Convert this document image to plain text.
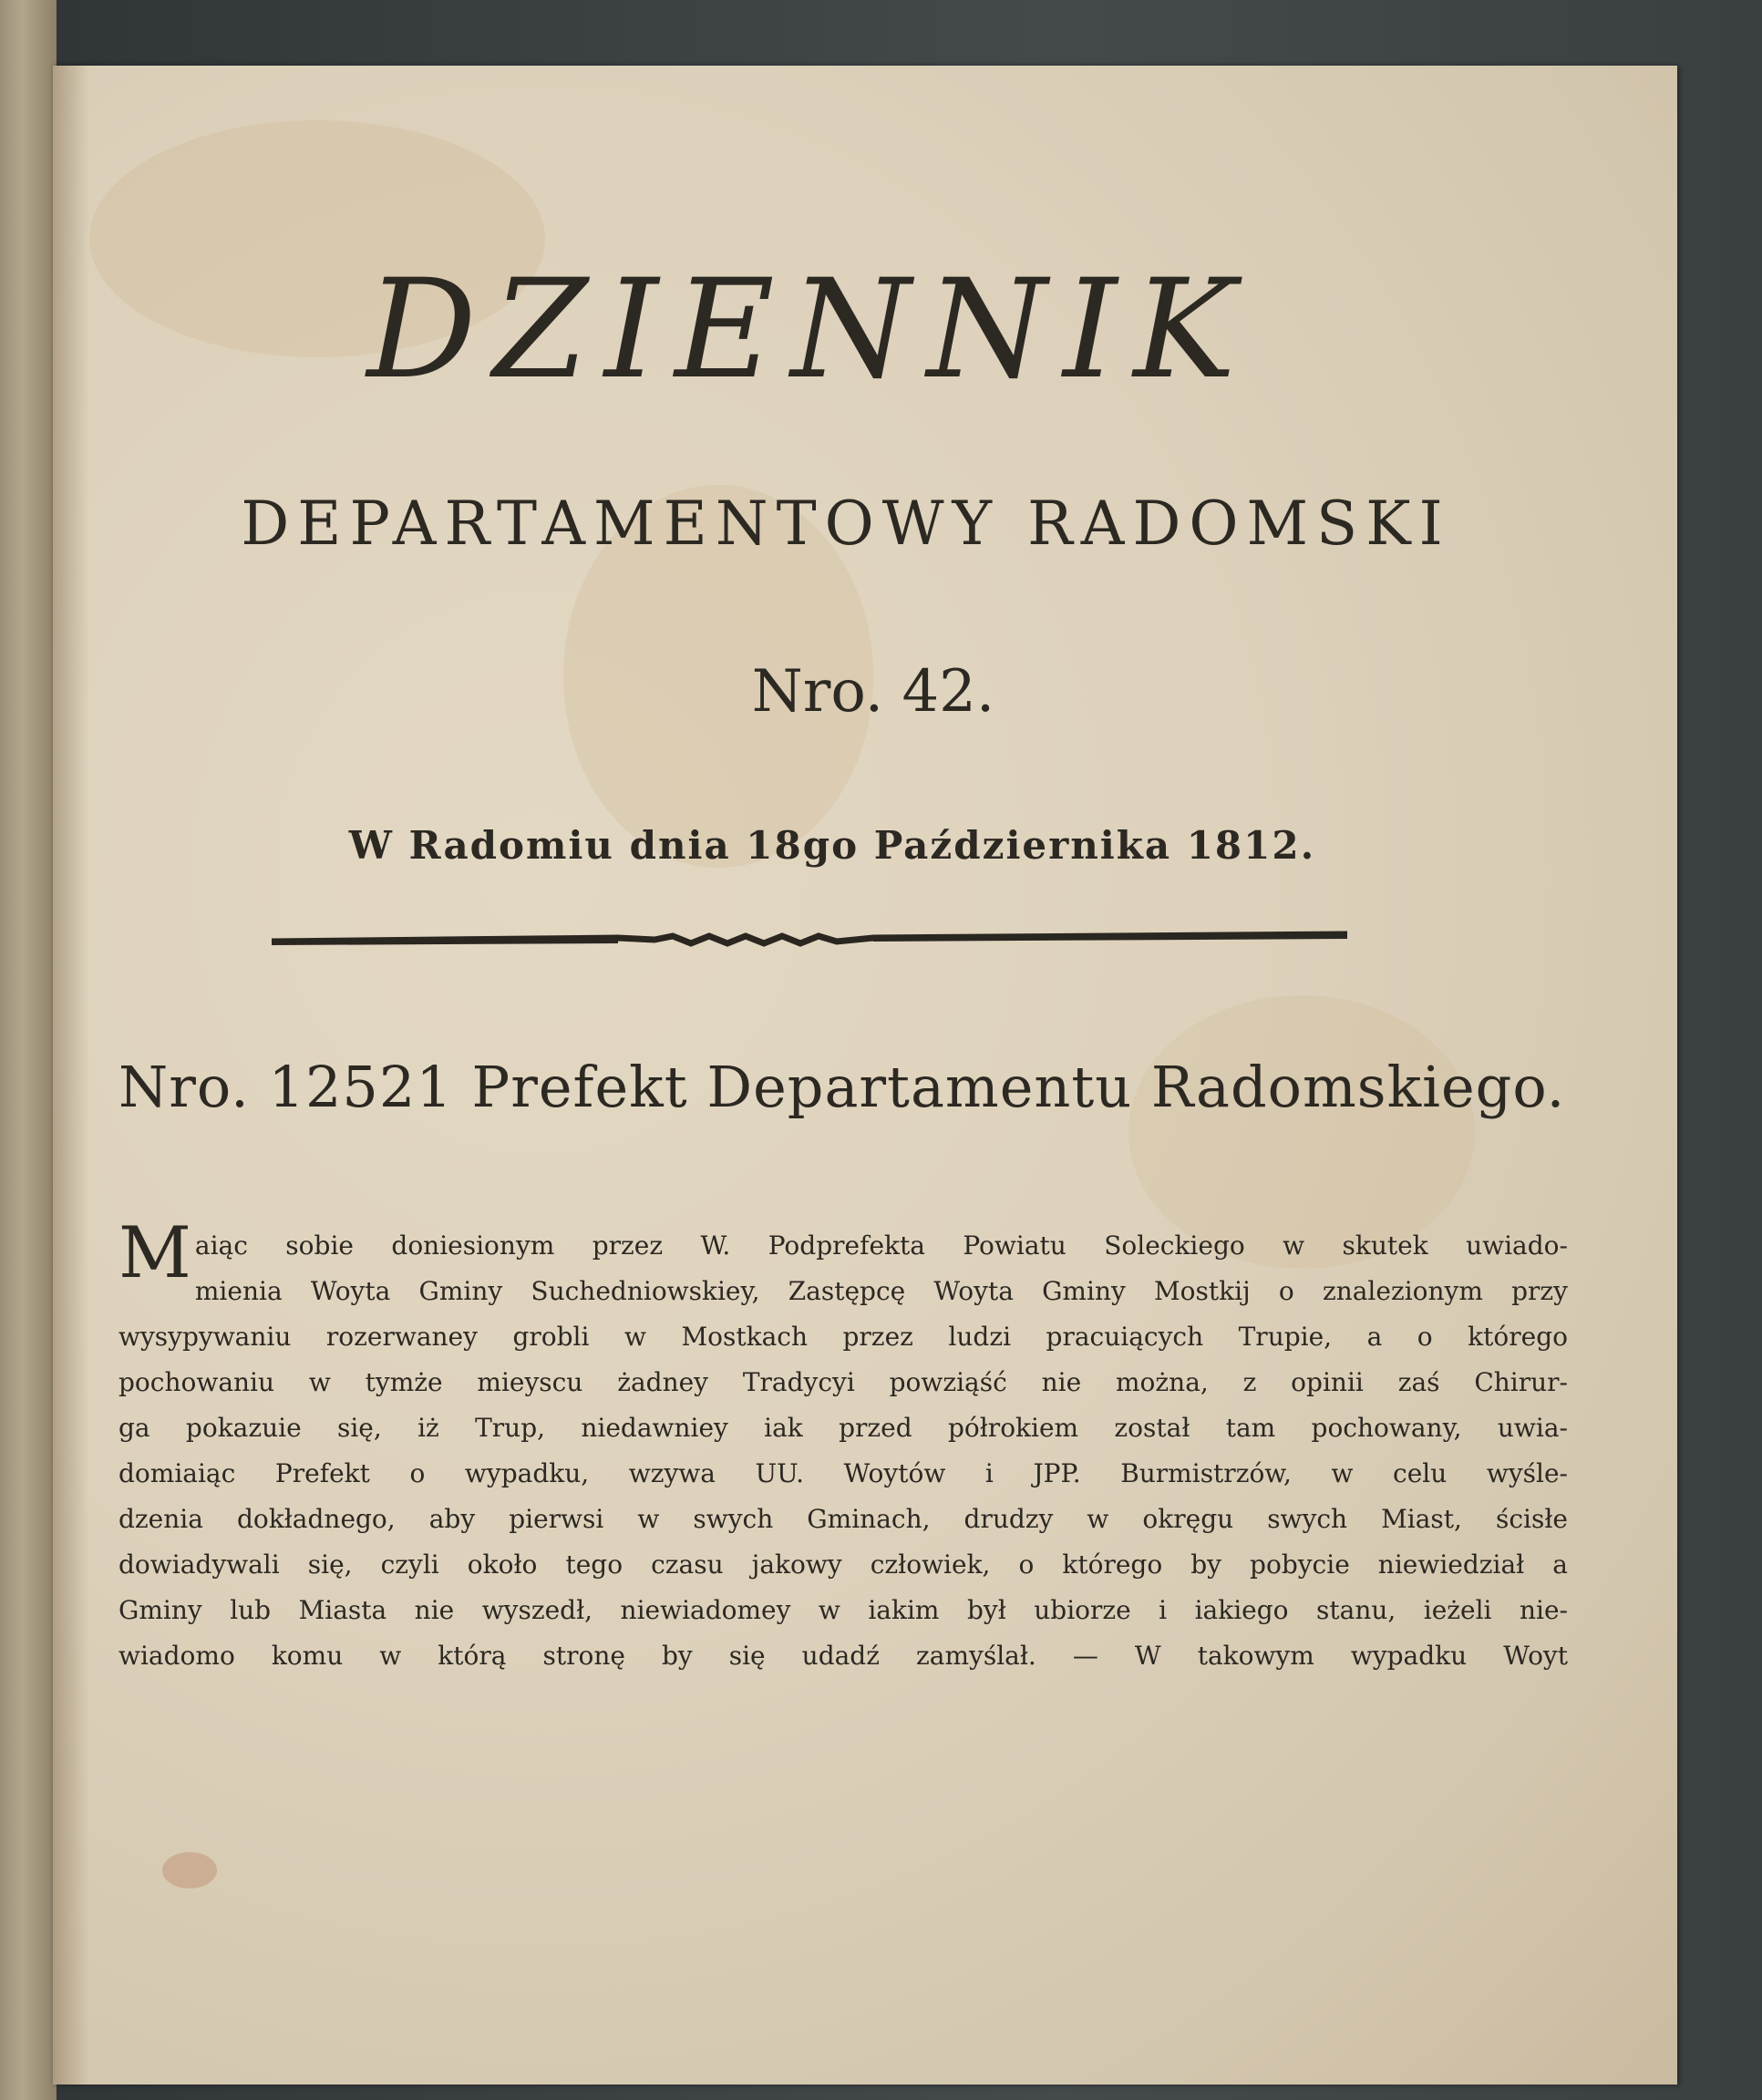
DZIENNIK
DEPARTAMENTOWY RADOMSKI
Nro. 42.
W Radomiu dnia 18go Października 1812.
Nro. 12521 Prefekt Departamentu Radomskiego.
M aiąc sobie doniesionym przez W. Podprefekta Powiatu Soleckiego w skutek uwiado-
mienia Woyta Gminy Suchedniowskiey, Zastępcę Woyta Gminy Mostkij o znalezionym przy
wysypywaniu rozerwaney grobli w Mostkach przez ludzi pracuiących Trupie, a o którego
pochowaniu w tymże mieyscu żadney Tradycyi powziąść nie można, z opinii zaś Chirur-
ga pokazuie się, iż Trup, niedawniey iak przed półrokiem został tam pochowany, uwia-
domiaiąc Prefekt o wypadku, wzywa UU. Woytów i JPP. Burmistrzów, w celu wyśle-
dzenia dokładnego, aby pierwsi w swych Gminach, drudzy w okręgu swych Miast, ścisłe
dowiadywali się, czyli około tego czasu jakowy człowiek, o którego by pobycie niewiedział a
Gminy lub Miasta nie wyszedł, niewiadomey w iakim był ubiorze i iakiego stanu, ieżeli nie-
wiadomo komu w którą stronę by się udadź zamyślał. — W takowym wypadku Woyt
